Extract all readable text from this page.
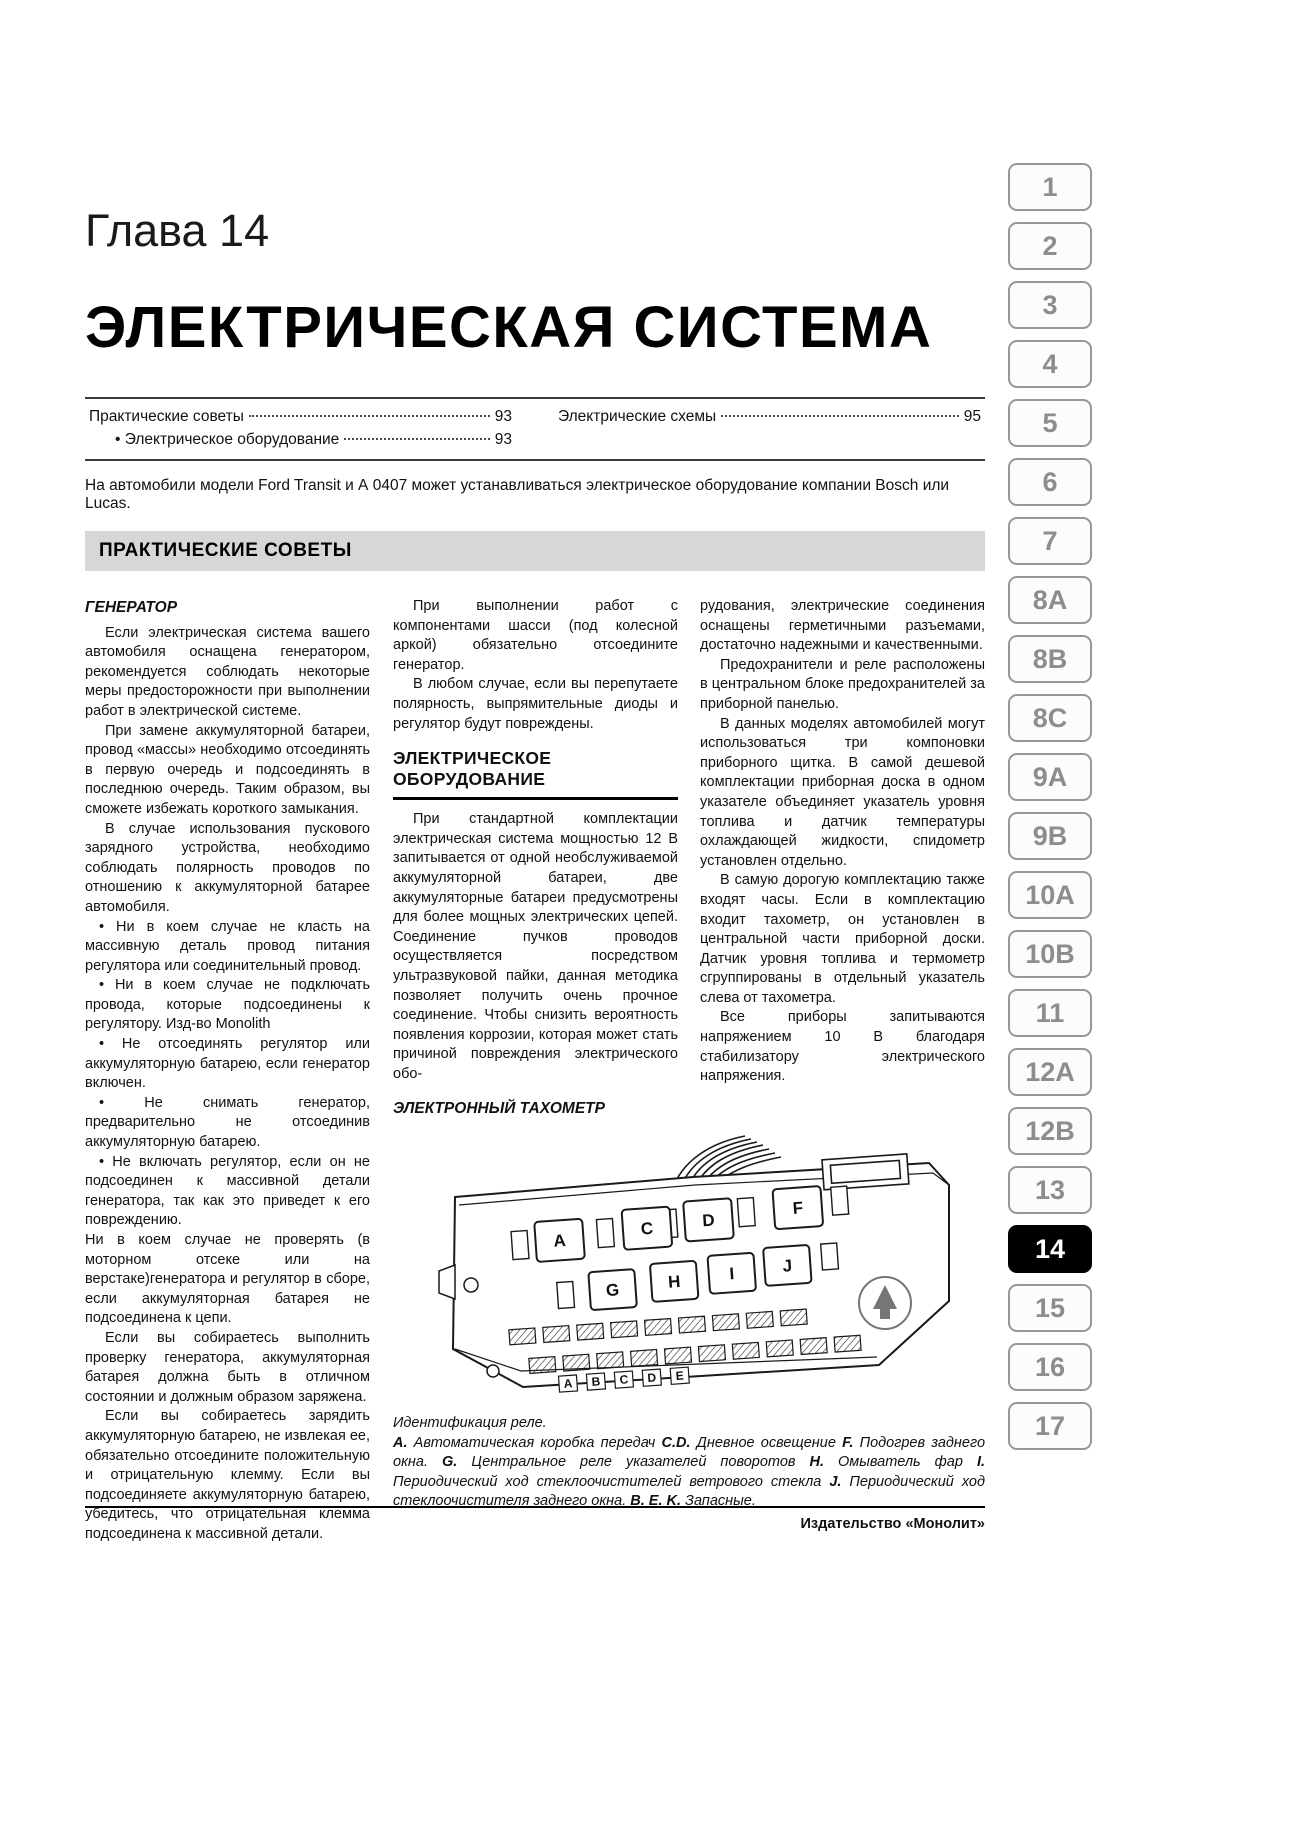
Глава 14
ЭЛЕКТРИЧЕСКАЯ СИСТЕМА
Практические советы	93
• Электрическое оборудование	93
Электрические схемы	95

На автомобили модели Ford Transit и А 0407 может устанавливаться электрическое оборудование компании Bosch или Lucas.

ПРАКТИЧЕСКИЕ СОВЕТЫ

ГЕНЕРАТОР

Если электрическая система вашего автомобиля оснащена генератором, рекомендуется соблюдать некоторые меры предосторожности при выполнении работ в электрической системе.

При замене аккумуляторной батареи, провод «массы» необходимо отсоединять в первую очередь и подсоединять в последнюю очередь. Таким образом, вы сможете избежать короткого замыкания.

В случае использования пускового зарядного устройства, необходимо соблюдать полярность проводов по отношению к аккумуляторной батарее автомобиля.

• Ни в коем случае не класть на массивную деталь провод питания регулятора или соединительный провод.

• Ни в коем случае не подключать провода, которые подсоединены к регулятору. Изд-во Monolith

• Не отсоединять регулятор или аккумуляторную батарею, если генератор включен.

• Не снимать генератор, предварительно не отсоединив аккумуляторную батарею.

• Не включать регулятор, если он не подсоединен к массивной детали генератора, так как это приведет к его повреждению.

Ни в коем случае не проверять (в моторном отсеке или на верстаке)генератора и регулятор в сборе, если аккумуляторная батарея не подсоединена к цепи.

Если вы собираетесь выполнить проверку генератора, аккумуляторная батарея должна быть в отличном состоянии и должным образом заряжена.

Если вы собираетесь зарядить аккумуляторную батарею, не извлекая ее, обязательно отсоедините положительную и отрицательную клемму. Если вы подсоединяете аккумуляторную батарею, убедитесь, что отрицательная клемма подсоединена к массивной детали.

При выполнении работ с компонентами шасси (под колесной аркой) обязательно отсоедините генератор.

В любом случае, если вы перепутаете полярность, выпрямительные диоды и регулятор будут повреждены.

ЭЛЕКТРИЧЕСКОЕ ОБОРУДОВАНИЕ

При стандартной комплектации электрическая система мощностью 12 В запитывается от одной необслуживаемой аккумуляторной батареи, две аккумуляторные батареи предусмотрены для более мощных электрических цепей. Соединение пучков проводов осуществляется посредством ультразвуковой пайки, данная методика позволяет получить очень прочное соединение. Чтобы снизить вероятность появления коррозии, которая может стать причиной повреждения электрического обо-

ЭЛЕКТРОННЫЙ ТАХОМЕТР

рудования, электрические соединения оснащены герметичными разъемами, достаточно надежными и качественными.

Предохранители и реле расположены в центральном блоке предохранителей за приборной панелью.

В данных моделях автомобилей могут использоваться три компоновки приборного щитка. В самой дешевой комплектации приборная доска в одном указателе объединяет указатель уровня топлива и датчик температуры охлаждающей жидкости, спидометр установлен отдельно.

В самую дорогую комплектацию также входят часы. Если в комплектацию входит тахометр, он установлен в центральной части приборной доски. Датчик уровня топлива и термометр сгруппированы в отдельный указатель слева от тахометра.

Все приборы запитываются напряжением 10 В благодаря стабилизатору электрического напряжения.

A
C	D
F
G	H	I	J
A B C D E
Идентификация реле.
A. Автоматическая коробка передач C.D. Дневное освещение F. Подогрев заднего окна. G. Центральное реле указателей поворотов H. Омыватель фар I. Периодический ход стеклоочистителей ветрового стекла J. Периодический ход стеклоочистителя заднего окна. B. E. K. Запасные.
Издательство «Монолит»
1
2
3
4
5
6
7
8A
8B
8C
9A
9B
10A
10B
11
12A
12B
13
14
15
16
17
